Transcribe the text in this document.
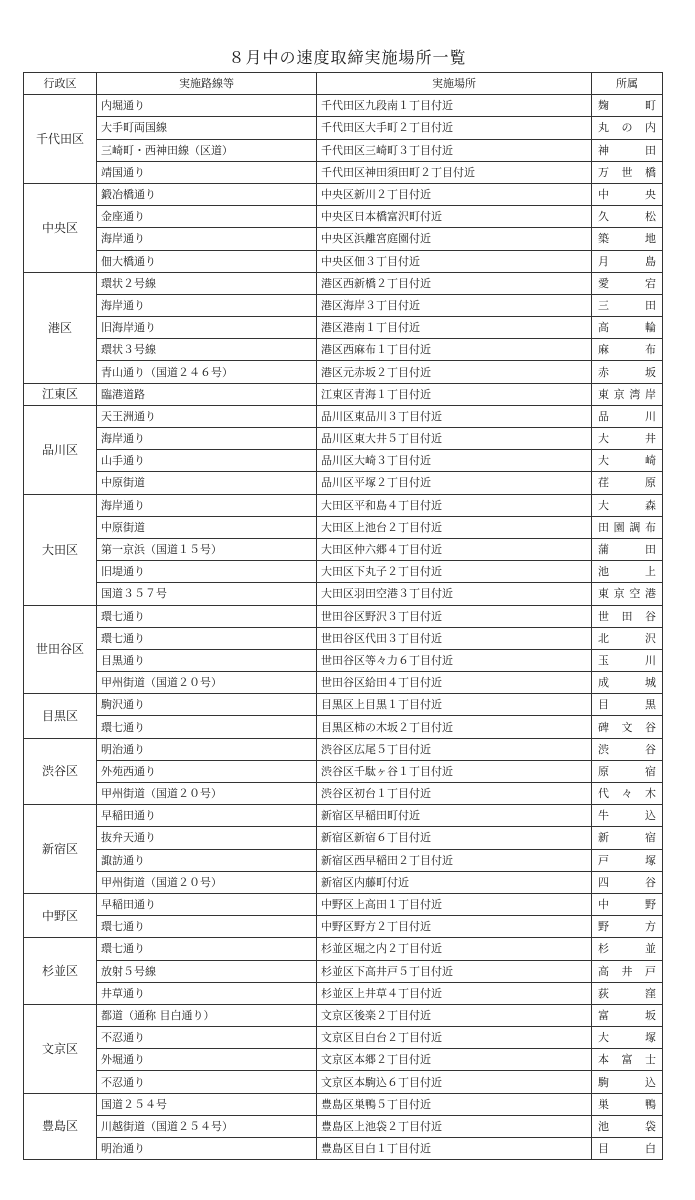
８月中の速度取締実施場所一覧
行政区	実施路線等	実施場所	所属
千代田区	内堀通り	千代田区九段南１丁目付近	麹町
	大手町両国線	千代田区大手町２丁目付近	丸の内
	三崎町・西神田線（区道）	千代田区三崎町３丁目付近	神田
	靖国通り	千代田区神田須田町２丁目付近	万世橋
中央区	鍛冶橋通り	中央区新川２丁目付近	中央
	金座通り	中央区日本橋富沢町付近	久松
	海岸通り	中央区浜離宮庭園付近	築地
	佃大橋通り	中央区佃３丁目付近	月島
港区	環状２号線	港区西新橋２丁目付近	愛宕
	海岸通り	港区海岸３丁目付近	三田
	旧海岸通り	港区港南１丁目付近	高輪
	環状３号線	港区西麻布１丁目付近	麻布
	青山通り（国道２４６号）	港区元赤坂２丁目付近	赤坂
江東区	臨港道路	江東区青海１丁目付近	東京湾岸
品川区	天王洲通り	品川区東品川３丁目付近	品川
	海岸通り	品川区東大井５丁目付近	大井
	山手通り	品川区大崎３丁目付近	大崎
	中原街道	品川区平塚２丁目付近	荏原
大田区	海岸通り	大田区平和島４丁目付近	大森
	中原街道	大田区上池台２丁目付近	田園調布
	第一京浜（国道１５号）	大田区仲六郷４丁目付近	蒲田
	旧堤通り	大田区下丸子２丁目付近	池上
	国道３５７号	大田区羽田空港３丁目付近	東京空港
世田谷区	環七通り	世田谷区野沢３丁目付近	世田谷
	環七通り	世田谷区代田３丁目付近	北沢
	目黒通り	世田谷区等々力６丁目付近	玉川
	甲州街道（国道２０号）	世田谷区給田４丁目付近	成城
目黒区	駒沢通り	目黒区上目黒１丁目付近	目黒
	環七通り	目黒区柿の木坂２丁目付近	碑文谷
渋谷区	明治通り	渋谷区広尾５丁目付近	渋谷
	外苑西通り	渋谷区千駄ヶ谷１丁目付近	原宿
	甲州街道（国道２０号）	渋谷区初台１丁目付近	代々木
新宿区	早稲田通り	新宿区早稲田町付近	牛込
	抜弁天通り	新宿区新宿６丁目付近	新宿
	諏訪通り	新宿区西早稲田２丁目付近	戸塚
	甲州街道（国道２０号）	新宿区内藤町付近	四谷
中野区	早稲田通り	中野区上高田１丁目付近	中野
	環七通り	中野区野方２丁目付近	野方
杉並区	環七通り	杉並区堀之内２丁目付近	杉並
	放射５号線	杉並区下高井戸５丁目付近	高井戸
	井草通り	杉並区上井草４丁目付近	荻窪
文京区	都道（通称 目白通り）	文京区後楽２丁目付近	富坂
	不忍通り	文京区目白台２丁目付近	大塚
	外堀通り	文京区本郷２丁目付近	本富士
	不忍通り	文京区本駒込６丁目付近	駒込
豊島区	国道２５４号	豊島区巣鴨５丁目付近	巣鴨
	川越街道（国道２５４号）	豊島区上池袋２丁目付近	池袋
	明治通り	豊島区目白１丁目付近	目白
